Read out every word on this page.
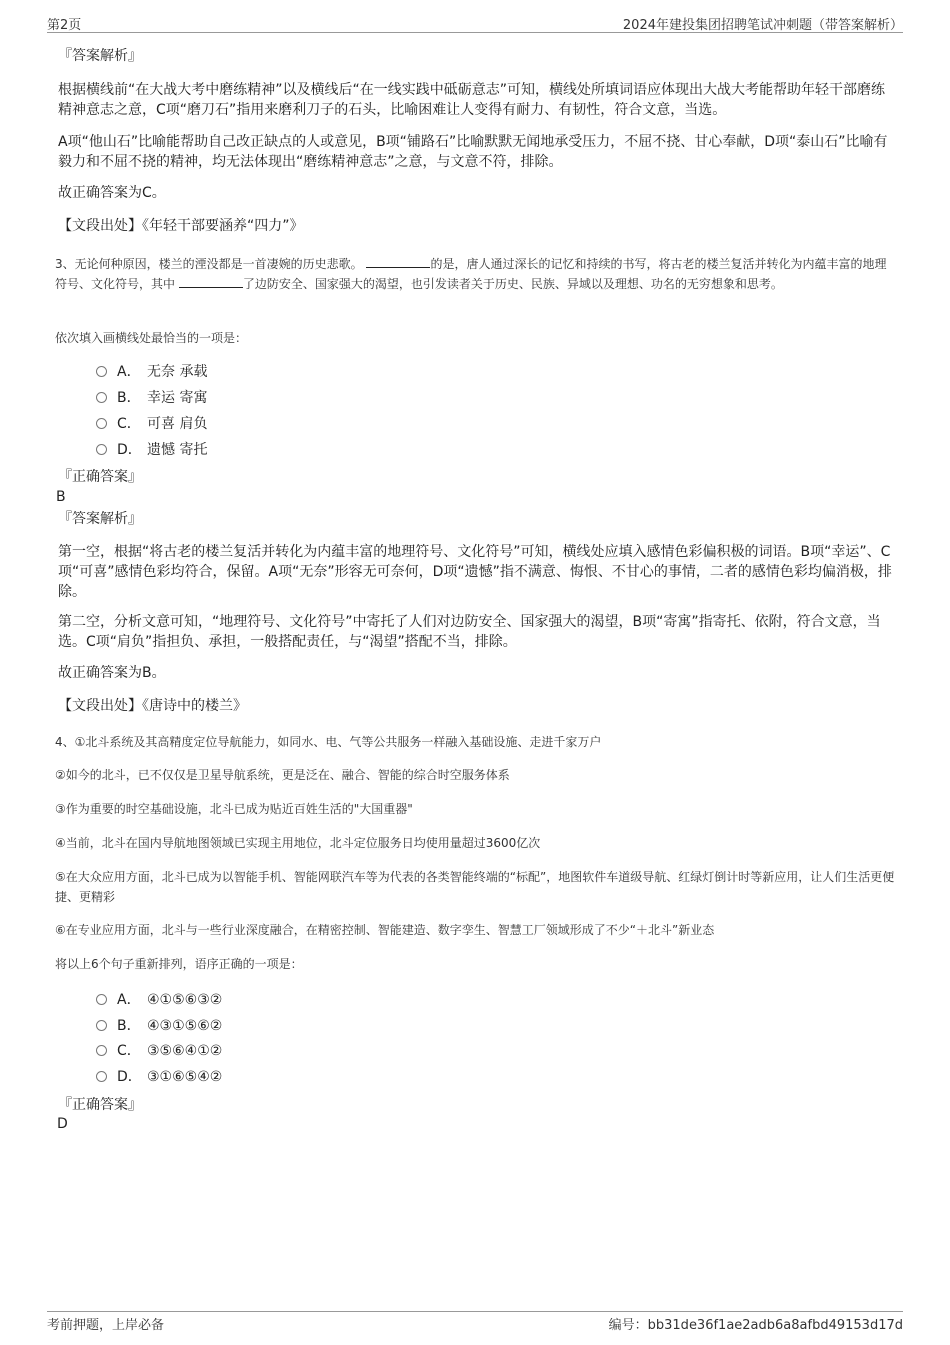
第2页	2024年建投集团招聘笔试冲刺题（带答案解析）

『答案解析』

根据横线前“在大战大考中磨练精神”以及横线后“在一线实践中砥砺意志”可知，横线处所填词语应体现出大战大考能帮助年轻干部磨练精神意志之意，C项“磨刀石”指用来磨利刀子的石头，比喻困难让人变得有耐力、有韧性，符合文意，当选。

A项“他山石”比喻能帮助自己改正缺点的人或意见，B项“铺路石”比喻默默无闻地承受压力，不屈不挠、甘心奉献，D项“泰山石”比喻有毅力和不屈不挠的精神，均无法体现出“磨练精神意志”之意，与文意不符，排除。

故正确答案为C。

【文段出处】《年轻干部要涵养“四力”》

3、无论何种原因，楼兰的湮没都是一首凄婉的历史悲歌。	的是，唐人通过深长的记忆和持续的书写，将古老的楼兰复活并转化为内蕴丰富的地理符号、文化符号，其中	了边防安全、国家强大的渴望，也引发读者关于历史、民族、异域以及理想、功名的无穷想象和思考。

依次填入画横线处最恰当的一项是：

A． 无奈 承载
B． 幸运 寄寓
C． 可喜 肩负
D． 遗憾 寄托

『正确答案』

B

『答案解析』

第一空，根据“将古老的楼兰复活并转化为内蕴丰富的地理符号、文化符号”可知，横线处应填入感情色彩偏积极的词语。B项“幸运”、C项“可喜”感情色彩均符合，保留。A项“无奈”形容无可奈何，D项“遗憾”指不满意、悔恨、不甘心的事情，二者的感情色彩均偏消极，排除。

第二空，分析文意可知，“地理符号、文化符号”中寄托了人们对边防安全、国家强大的渴望，B项“寄寓”指寄托、依附，符合文意，当选。C项“肩负”指担负、承担，一般搭配责任，与“渴望”搭配不当，排除。

故正确答案为B。

【文段出处】《唐诗中的楼兰》

4、①北斗系统及其高精度定位导航能力，如同水、电、气等公共服务一样融入基础设施、走进千家万户

②如今的北斗，已不仅仅是卫星导航系统，更是泛在、融合、智能的综合时空服务体系

③作为重要的时空基础设施，北斗已成为贴近百姓生活的"大国重器"

④当前，北斗在国内导航地图领域已实现主用地位，北斗定位服务日均使用量超过3600亿次

⑤在大众应用方面，北斗已成为以智能手机、智能网联汽车等为代表的各类智能终端的“标配”，地图软件车道级导航、红绿灯倒计时等新应用，让人们生活更便捷、更精彩

⑥在专业应用方面，北斗与一些行业深度融合，在精密控制、智能建造、数字孪生、智慧工厂领域形成了不少“＋北斗”新业态

将以上6个句子重新排列，语序正确的一项是：

A． ④①⑤⑥③②
B． ④③①⑤⑥②
C． ③⑤⑥④①②
D． ③①⑥⑤④②

『正确答案』

D

考前押题，上岸必备	编号：bb31de36f1ae2adb6a8afbd49153d17d
